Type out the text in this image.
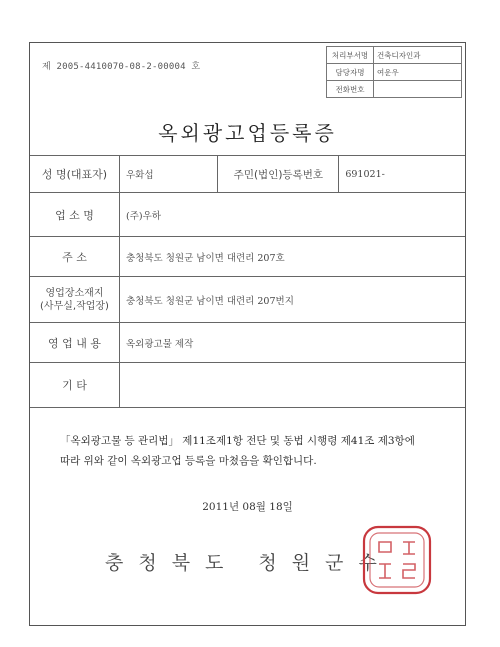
제 2005-4410070-08-2-00004 호
처리부서명	건축디자인과
담당자명	여운우
전화번호	
옥외광고업등록증
성 명(대표자)	우화섭	주민(법인)등록번호	691021-
업 소 명	(주)우하		
주 소	충청북도 청원군 남이면 대련리 207호		

영업장소재지
(사무실,작업장)	충청북도 청원군 남이면 대련리 207번지		
영 업 내 용	옥외광고물 제작		
기 타			
「옥외광고물 등 관리법」 제11조제1항 전단 및 동법 시행령 제41조 제3항에
따라 위와 같이 옥외광고업 등록을 마쳤음을 확인합니다.
2011년 08월 18일
충청북도 청원군수
